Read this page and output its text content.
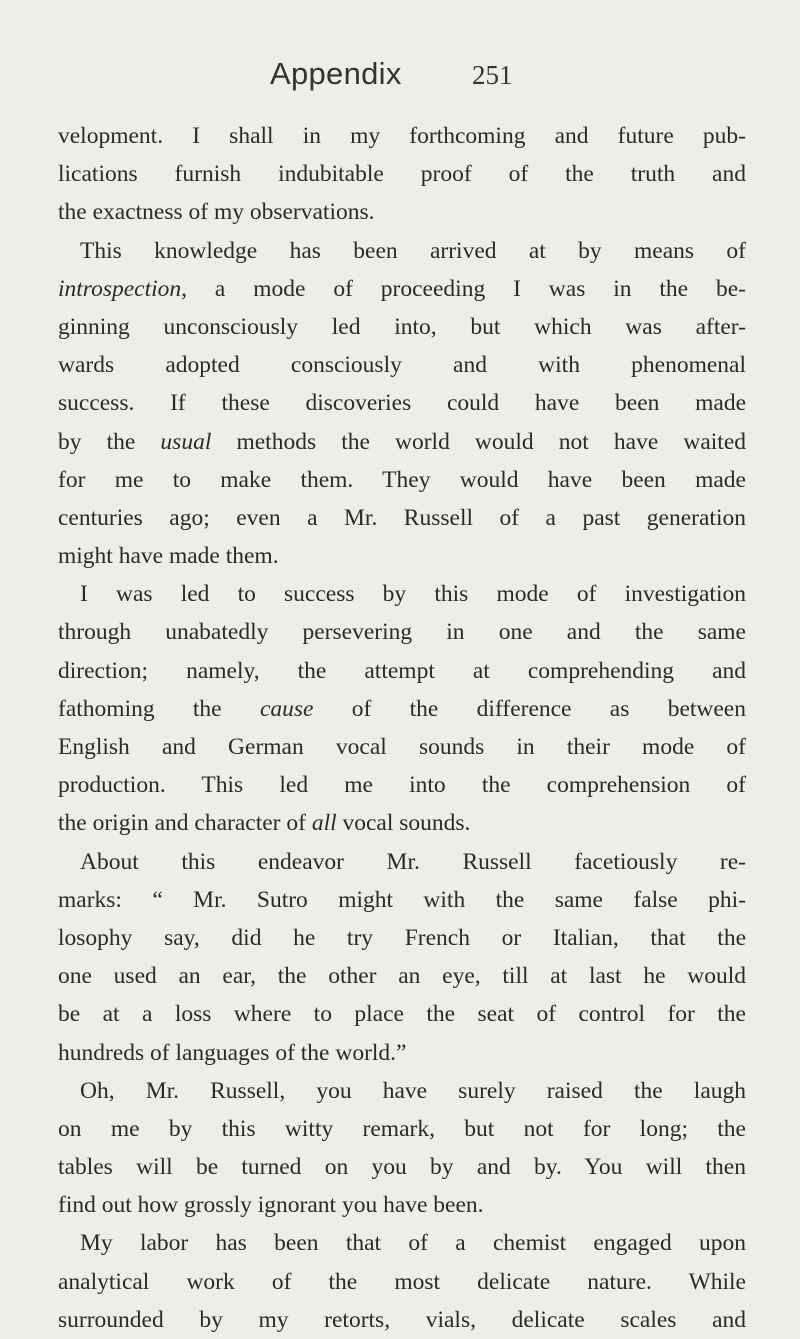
Appendix	251
velopment. I shall in my forthcoming and future pub-
lications furnish indubitable proof of the truth and
the exactness of my observations.
This knowledge has been arrived at by means of
introspection, a mode of proceeding I was in the be-
ginning unconsciously led into, but which was after-
wards adopted consciously and with phenomenal
success. If these discoveries could have been made
by the usual methods the world would not have waited
for me to make them. They would have been made
centuries ago; even a Mr. Russell of a past generation
might have made them.
I was led to success by this mode of investigation
through unabatedly persevering in one and the same
direction; namely, the attempt at comprehending and
fathoming the cause of the difference as between
English and German vocal sounds in their mode of
production. This led me into the comprehension of
the origin and character of all vocal sounds.
About this endeavor Mr. Russell facetiously re-
marks: “ Mr. Sutro might with the same false phi-
losophy say, did he try French or Italian, that the
one used an ear, the other an eye, till at last he would
be at a loss where to place the seat of control for the
hundreds of languages of the world.”
Oh, Mr. Russell, you have surely raised the laugh
on me by this witty remark, but not for long; the
tables will be turned on you by and by. You will then
find out how grossly ignorant you have been.
My labor has been that of a chemist engaged upon
analytical work of the most delicate nature. While
surrounded by my retorts, vials, delicate scales and
